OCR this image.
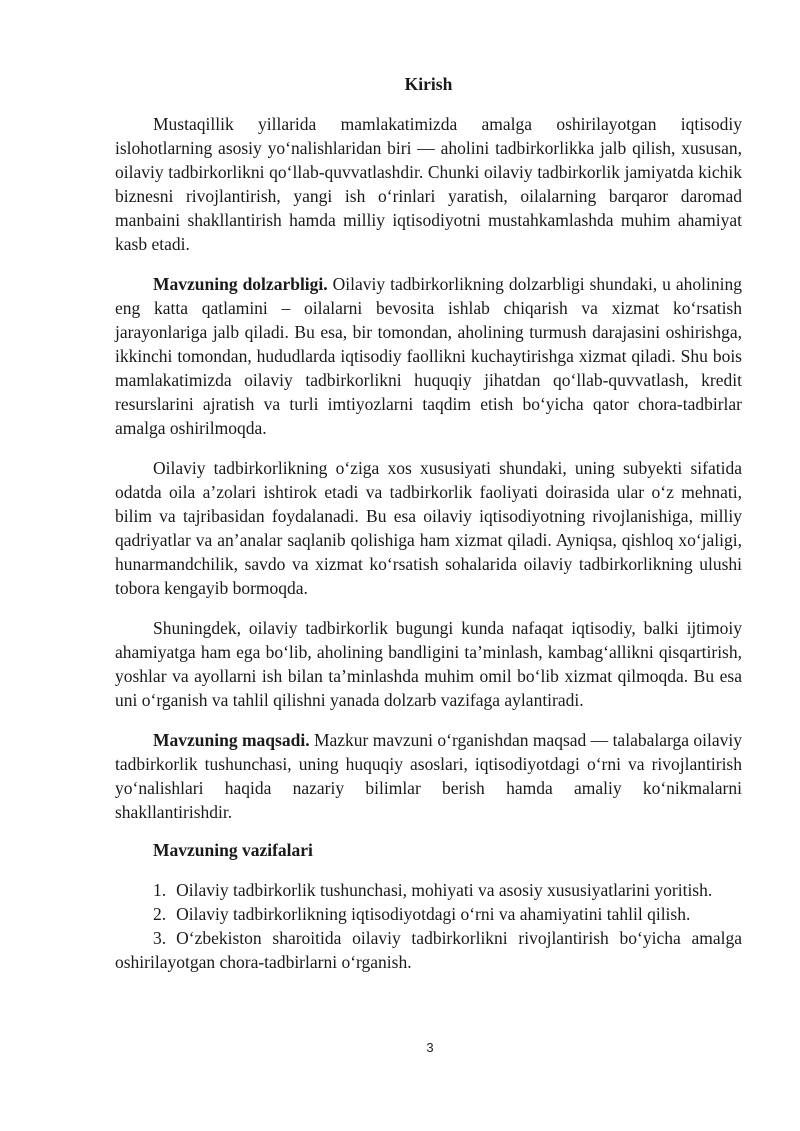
Kirish

Mustaqillik yillarida mamlakatimizda amalga oshirilayotgan iqtisodiy islohotlarning asosiy yo‘nalishlaridan biri — aholini tadbirkorlikka jalb qilish, xususan, oilaviy tadbirkorlikni qo‘llab-quvvatlashdir. Chunki oilaviy tadbirkorlik jamiyatda kichik biznesni rivojlantirish, yangi ish o‘rinlari yaratish, oilalarning barqaror daromad manbaini shakllantirish hamda milliy iqtisodiyotni mustahkamlashda muhim ahamiyat kasb etadi.

Mavzuning dolzarbligi. Oilaviy tadbirkorlikning dolzarbligi shundaki, u aholining eng katta qatlamini – oilalarni bevosita ishlab chiqarish va xizmat ko‘rsatish jarayonlariga jalb qiladi. Bu esa, bir tomondan, aholining turmush darajasini oshirishga, ikkinchi tomondan, hududlarda iqtisodiy faollikni kuchaytirishga xizmat qiladi. Shu bois mamlakatimizda oilaviy tadbirkorlikni huquqiy jihatdan qo‘llab-quvvatlash, kredit resurslarini ajratish va turli imtiyozlarni taqdim etish bo‘yicha qator chora-tadbirlar amalga oshirilmoqda.

Oilaviy tadbirkorlikning o‘ziga xos xususiyati shundaki, uning subyekti sifatida odatda oila a’zolari ishtirok etadi va tadbirkorlik faoliyati doirasida ular o‘z mehnati, bilim va tajribasidan foydalanadi. Bu esa oilaviy iqtisodiyotning rivojlanishiga, milliy qadriyatlar va an’analar saqlanib qolishiga ham xizmat qiladi. Ayniqsa, qishloq xo‘jaligi, hunarmandchilik, savdo va xizmat ko‘rsatish sohalarida oilaviy tadbirkorlikning ulushi tobora kengayib bormoqda.

Shuningdek, oilaviy tadbirkorlik bugungi kunda nafaqat iqtisodiy, balki ijtimoiy ahamiyatga ham ega bo‘lib, aholining bandligini ta’minlash, kambag‘allikni qisqartirish, yoshlar va ayollarni ish bilan ta’minlashda muhim omil bo‘lib xizmat qilmoqda. Bu esa uni o‘rganish va tahlil qilishni yanada dolzarb vazifaga aylantiradi.

Mavzuning maqsadi. Mazkur mavzuni o‘rganishdan maqsad — talabalarga oilaviy tadbirkorlik tushunchasi, uning huquqiy asoslari, iqtisodiyotdagi o‘rni va rivojlantirish yo‘nalishlari haqida nazariy bilimlar berish hamda amaliy ko‘nikmalarni shakllantirishdir.

Mavzuning vazifalari
1. Oilaviy tadbirkorlik tushunchasi, mohiyati va asosiy xususiyatlarini yoritish.
2. Oilaviy tadbirkorlikning iqtisodiyotdagi o‘rni va ahamiyatini tahlil qilish.
3. O‘zbekiston sharoitida oilaviy tadbirkorlikni rivojlantirish bo‘yicha amalga oshirilayotgan chora-tadbirlarni o‘rganish.
3
